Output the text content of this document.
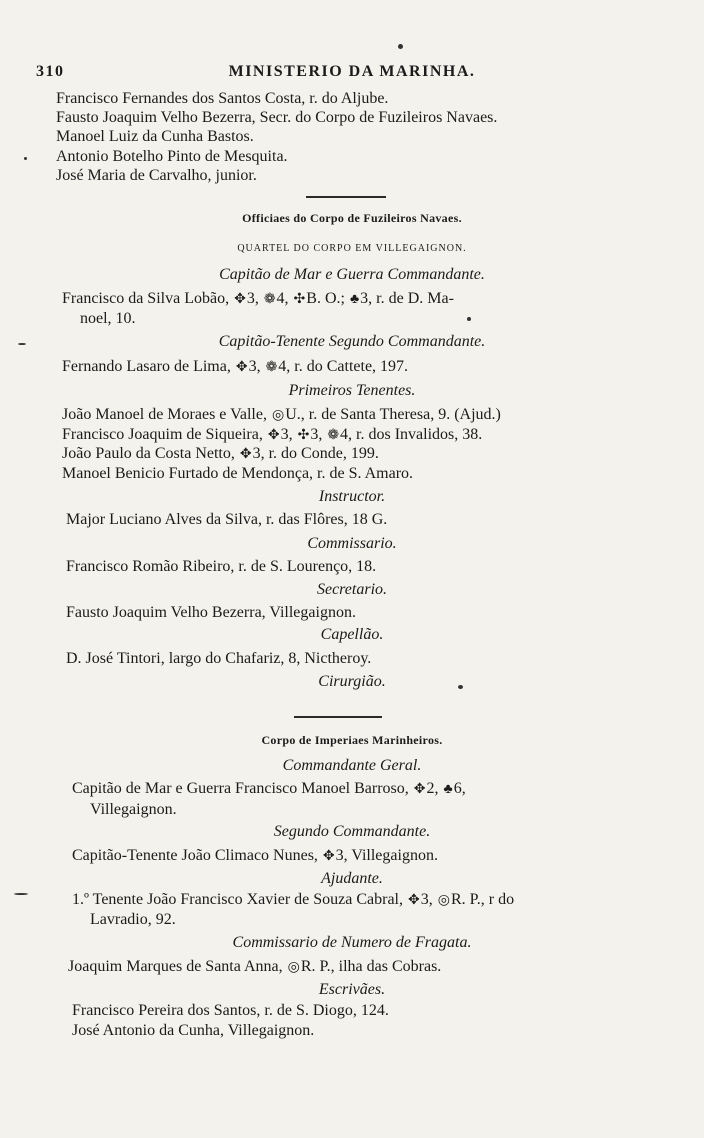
310	MINISTERIO DA MARINHA.
Francisco Fernandes dos Santos Costa, r. do Aljube.
Fausto Joaquim Velho Bezerra, Secr. do Corpo de Fuzileiros Navaes.
Manoel Luiz da Cunha Bastos.
Antonio Botelho Pinto de Mesquita.
José Maria de Carvalho, junior.
Officiaes do Corpo de Fuzileiros Navaes.
QUARTEL DO CORPO EM VILLEGAIGNON.
Capitão de Mar e Guerra Commandante.
Francisco da Silva Lobão, ✥3, ❁4, ✣B. O.; ♣3, r. de D. Ma-
noel, 10.
Capitão-Tenente Segundo Commandante.
Fernando Lasaro de Lima, ✥3, ❁4, r. do Cattete, 197.
Primeiros Tenentes.
João Manoel de Moraes e Valle, ◎U., r. de Santa Theresa, 9. (Ajud.)
Francisco Joaquim de Siqueira, ✥3, ✣3, ❁4, r. dos Invalidos, 38.
João Paulo da Costa Netto, ✥3, r. do Conde, 199.
Manoel Benicio Furtado de Mendonça, r. de S. Amaro.
Instructor.
Major Luciano Alves da Silva, r. das Flôres, 18 G.
Commissario.
Francisco Romão Ribeiro, r. de S. Lourenço, 18.
Secretario.
Fausto Joaquim Velho Bezerra, Villegaignon.
Capellão.
D. José Tintori, largo do Chafariz, 8, Nictheroy.
Cirurgião.
Corpo de Imperiaes Marinheiros.
Commandante Geral.
Capitão de Mar e Guerra Francisco Manoel Barroso, ✥2, ♣6,
Villegaignon.
Segundo Commandante.
Capitão-Tenente João Climaco Nunes, ✥3, Villegaignon.
Ajudante.
1.º Tenente João Francisco Xavier de Souza Cabral, ✥3, ◎R. P., r do
Lavradio, 92.
Commissario de Numero de Fragata.
Joaquim Marques de Santa Anna, ◎R. P., ilha das Cobras.
Escrivães.
Francisco Pereira dos Santos, r. de S. Diogo, 124.
José Antonio da Cunha, Villegaignon.
